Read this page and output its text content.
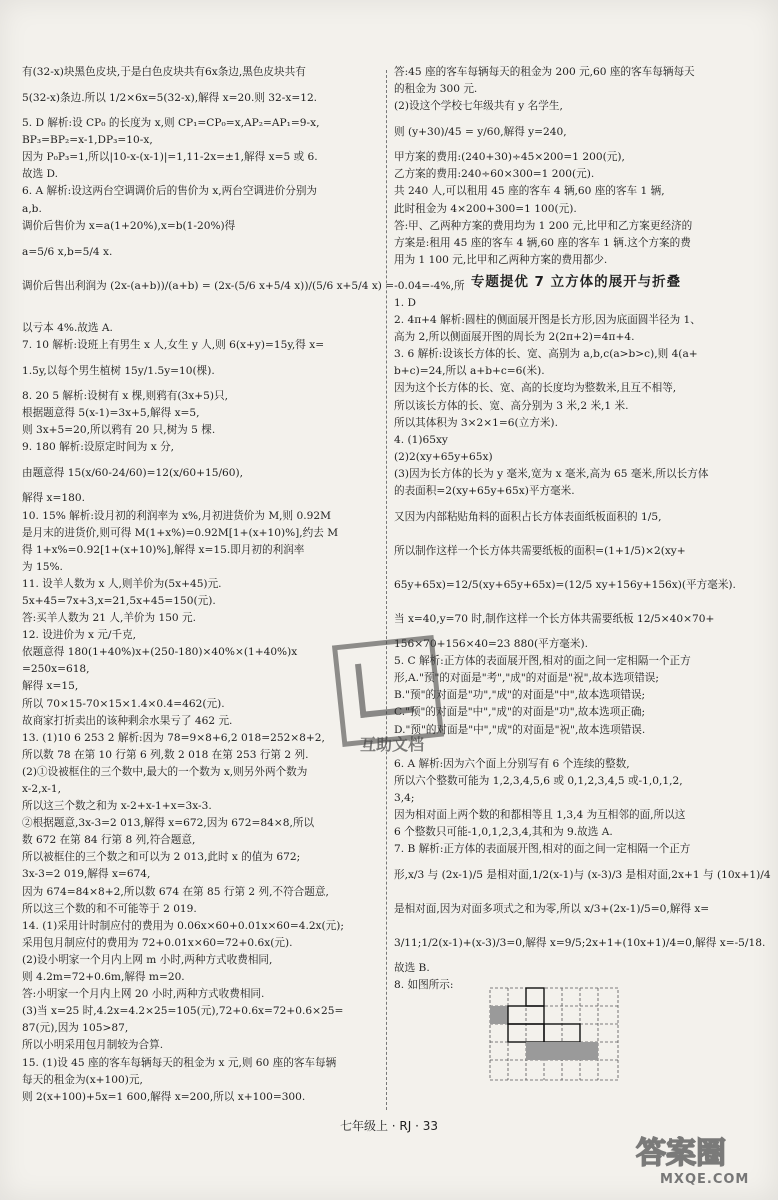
有(32-x)块黑色皮块,于是白色皮块共有6x条边,黑色皮块共有
5(32-x)条边.所以 1/2×6x=5(32-x),解得 x=20.则 32-x=12.
5. D 解析:设 CP₀ 的长度为 x,则 CP₁=CP₀=x,AP₂=AP₁=9-x,
BP₃=BP₂=x-1,DP₃=10-x,
因为 P₀P₃=1,所以|10-x-(x-1)|=1,11-2x=±1,解得 x=5 或 6.
故选 D.
6. A 解析:设这两台空调调价后的售价为 x,两台空调进价分别为
a,b.
调价后售价为 x=a(1+20%),x=b(1-20%)得
a=5/6 x,b=5/4 x.
调价后售出利润为 (2x-(a+b))/(a+b) = (2x-(5/6 x+5/4 x))/(5/6 x+5/4 x) =-0.04=-4%,所
以亏本 4%.故选 A.
7. 10 解析:设班上有男生 x 人,女生 y 人,则 6(x+y)=15y,得 x=
1.5y,以每个男生植树 15y/1.5y=10(棵).
8. 20 5 解析:设树有 x 棵,则鸦有(3x+5)只,
根据题意得 5(x-1)=3x+5,解得 x=5,
则 3x+5=20,所以鸦有 20 只,树为 5 棵.
9. 180 解析:设原定时间为 x 分,
由题意得 15(x/60-24/60)=12(x/60+15/60),
解得 x=180.
10. 15% 解析:设月初的利润率为 x%,月初进货价为 M,则 0.92M
是月末的进货价,则可得 M(1+x%)=0.92M[1+(x+10)%],约去 M
得 1+x%=0.92[1+(x+10)%],解得 x=15.即月初的利润率
为 15%.
11. 设羊人数为 x 人,则羊价为(5x+45)元.
5x+45=7x+3,x=21,5x+45=150(元).
答:买羊人数为 21 人,羊价为 150 元.
12. 设进价为 x 元/千克,
依题意得 180(1+40%)x+(250-180)×40%×(1+40%)x
=250x=618,
解得 x=15,
所以 70×15-70×15×1.4×0.4=462(元).
故商家打折卖出的该种剩余水果亏了 462 元.
13. (1)10 6 253 2 解析:因为 78=9×8+6,2 018=252×8+2,
所以数 78 在第 10 行第 6 列,数 2 018 在第 253 行第 2 列.
(2)①设被框住的三个数中,最大的一个数为 x,则另外两个数为
x-2,x-1,
所以这三个数之和为 x-2+x-1+x=3x-3.
②根据题意,3x-3=2 013,解得 x=672,因为 672=84×8,所以
数 672 在第 84 行第 8 列,符合题意,
所以被框住的三个数之和可以为 2 013,此时 x 的值为 672;
3x-3=2 019,解得 x=674,
因为 674=84×8+2,所以数 674 在第 85 行第 2 列,不符合题意,
所以这三个数的和不可能等于 2 019.
14. (1)采用计时制应付的费用为 0.06x×60+0.01x×60=4.2x(元);
采用包月制应付的费用为 72+0.01x×60=72+0.6x(元).
(2)设小明家一个月内上网 m 小时,两种方式收费相同,
则 4.2m=72+0.6m,解得 m=20.
答:小明家一个月内上网 20 小时,两种方式收费相同.
(3)当 x=25 时,4.2x=4.2×25=105(元),72+0.6x=72+0.6×25=
87(元),因为 105>87,
所以小明采用包月制较为合算.
15. (1)设 45 座的客车每辆每天的租金为 x 元,则 60 座的客车每辆
每天的租金为(x+100)元,
则 2(x+100)+5x=1 600,解得 x=200,所以 x+100=300.
答:45 座的客车每辆每天的租金为 200 元,60 座的客车每辆每天
的租金为 300 元.
(2)设这个学校七年级共有 y 名学生,
则 (y+30)/45 = y/60,解得 y=240,
甲方案的费用:(240+30)÷45×200=1 200(元),
乙方案的费用:240÷60×300=1 200(元).
共 240 人,可以租用 45 座的客车 4 辆,60 座的客车 1 辆,
此时租金为 4×200+300=1 100(元).
答:甲、乙两种方案的费用均为 1 200 元,比甲和乙方案更经济的
方案是:租用 45 座的客车 4 辆,60 座的客车 1 辆.这个方案的费
用为 1 100 元,比甲和乙两种方案的费用都少.
专题提优 7 立方体的展开与折叠
1. D
2. 4π+4 解析:圆柱的侧面展开图是长方形,因为底面圆半径为 1、
高为 2,所以侧面展开图的周长为 2(2π+2)=4π+4.
3. 6 解析:设该长方体的长、宽、高别为 a,b,c(a>b>c),则 4(a+
b+c)=24,所以 a+b+c=6(米).
因为这个长方体的长、宽、高的长度均为整数米,且互不相等,
所以该长方体的长、宽、高分别为 3 米,2 米,1 米.
所以其体积为 3×2×1=6(立方米).
4. (1)65xy
(2)2(xy+65y+65x)
(3)因为长方体的长为 y 毫米,宽为 x 毫米,高为 65 毫米,所以长方体
的表面积=2(xy+65y+65x)平方毫米.
又因为内部粘贴角料的面积占长方体表面纸板面积的 1/5,
所以制作这样一个长方体共需要纸板的面积=(1+1/5)×2(xy+
65y+65x)=12/5(xy+65y+65x)=(12/5 xy+156y+156x)(平方毫米).
当 x=40,y=70 时,制作这样一个长方体共需要纸板 12/5×40×70+
156×70+156×40=23 880(平方毫米).
5. C 解析:正方体的表面展开图,相对的面之间一定相隔一个正方
形,A."预"的对面是"考","成"的对面是"祝",故本选项错误;
B."预"的对面是"功","成"的对面是"中",故本选项错误;
C."预"的对面是"中","成"的对面是"功",故本选项正确;
D."预"的对面是"中","成"的对面是"祝",故本选项错误.
6. A 解析:因为六个面上分别写有 6 个连续的整数,
所以六个整数可能为 1,2,3,4,5,6 或 0,1,2,3,4,5 或-1,0,1,2,
3,4;
因为相对面上两个数的和都相等且 1,3,4 为互相邻的面,所以这
6 个整数只可能-1,0,1,2,3,4,其和为 9.故选 A.
7. B 解析:正方体的表面展开图,相对的面之间一定相隔一个正方
形,x/3 与 (2x-1)/5 是相对面,1/2(x-1)与 (x-3)/3 是相对面,2x+1 与 (10x+1)/4
是相对面,因为对面多项式之和为零,所以 x/3+(2x-1)/5=0,解得 x=
3/11;1/2(x-1)+(x-3)/3=0,解得 x=9/5;2x+1+(10x+1)/4=0,解得 x=-5/18.
故选 B.
8. 如图所示:
互助文档
七年级上 · RJ · 33
答案圈
MXQE.COM
